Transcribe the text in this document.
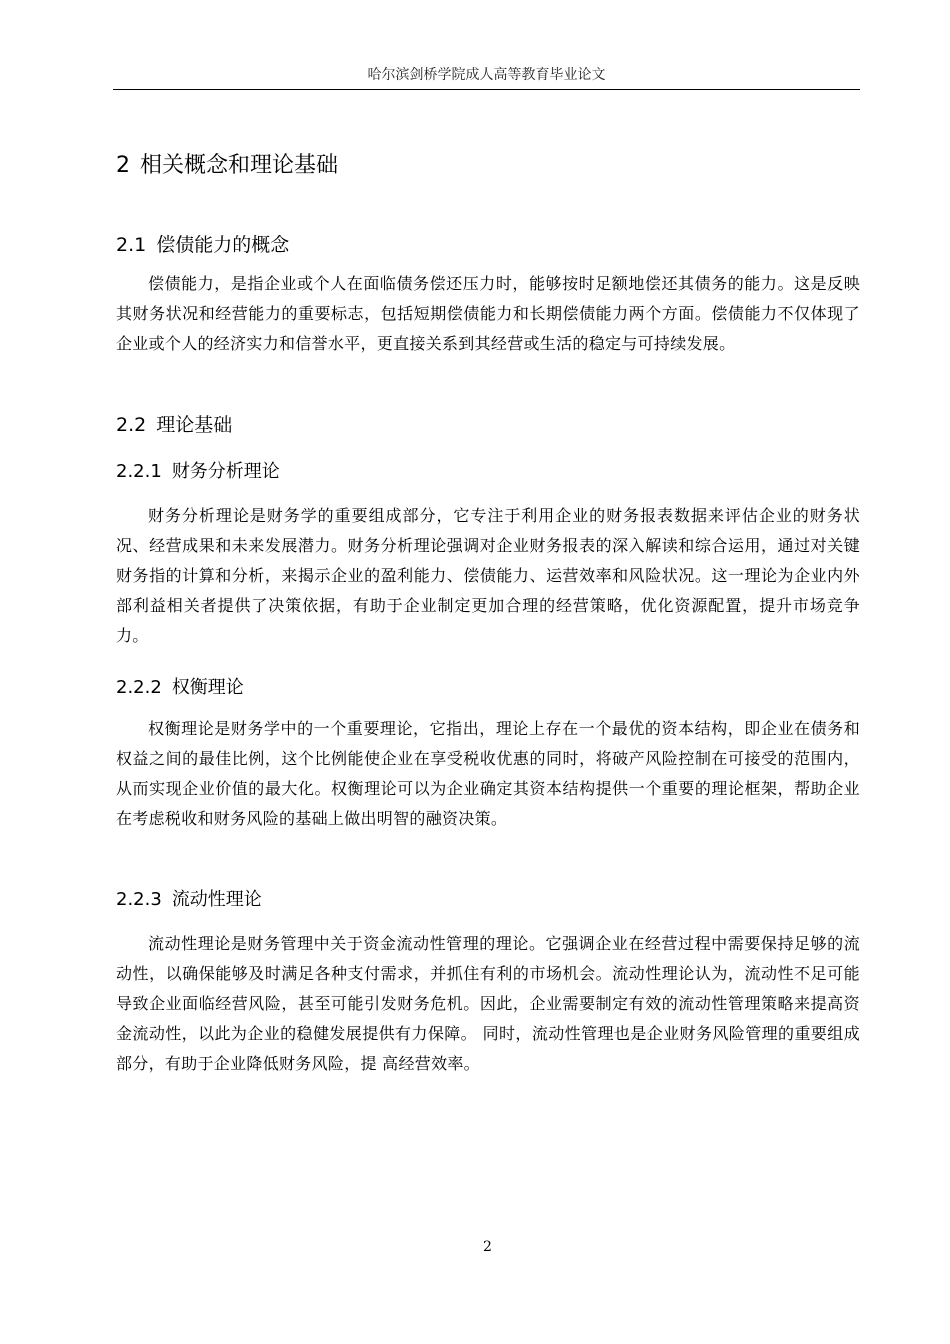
哈尔滨剑桥学院成人高等教育毕业论文
2 相关概念和理论基础
2.1 偿债能力的概念

偿债能力，是指企业或个人在面临债务偿还压力时，能够按时足额地偿还其债务的能力。这是反映其财务状况和经营能力的重要标志，包括短期偿债能力和长期偿债能力两个方面。偿债能力不仅体现了企业或个人的经济实力和信誉水平，更直接关系到其经营或生活的稳定与可持续发展。

2.2 理论基础
2.2.1 财务分析理论

财务分析理论是财务学的重要组成部分，它专注于利用企业的财务报表数据来评估企业的财务状况、经营成果和未来发展潜力。财务分析理论强调对企业财务报表的深入解读和综合运用，通过对关键财务指的计算和分析，来揭示企业的盈利能力、偿债能力、运营效率和风险状况。这一理论为企业内外部利益相关者提供了决策依据，有助于企业制定更加合理的经营策略，优化资源配置，提升市场竞争力。

2.2.2 权衡理论

权衡理论是财务学中的一个重要理论，它指出，理论上存在一个最优的资本结构，即企业在债务和权益之间的最佳比例，这个比例能使企业在享受税收优惠的同时，将破产风险控制在可接受的范围内，从而实现企业价值的最大化。权衡理论可以为企业确定其资本结构提供一个重要的理论框架，帮助企业在考虑税收和财务风险的基础上做出明智的融资决策。

2.2.3 流动性理论

流动性理论是财务管理中关于资金流动性管理的理论。它强调企业在经营过程中需要保持足够的流动性，以确保能够及时满足各种支付需求，并抓住有利的市场机会。流动性理论认为，流动性不足可能导致企业面临经营风险，甚至可能引发财务危机。因此，企业需要制定有效的流动性管理策略来提高资金流动性，以此为企业的稳健发展提供有力保障。 同时，流动性管理也是企业财务风险管理的重要组成部分，有助于企业降低财务风险，提 高经营效率。

2
